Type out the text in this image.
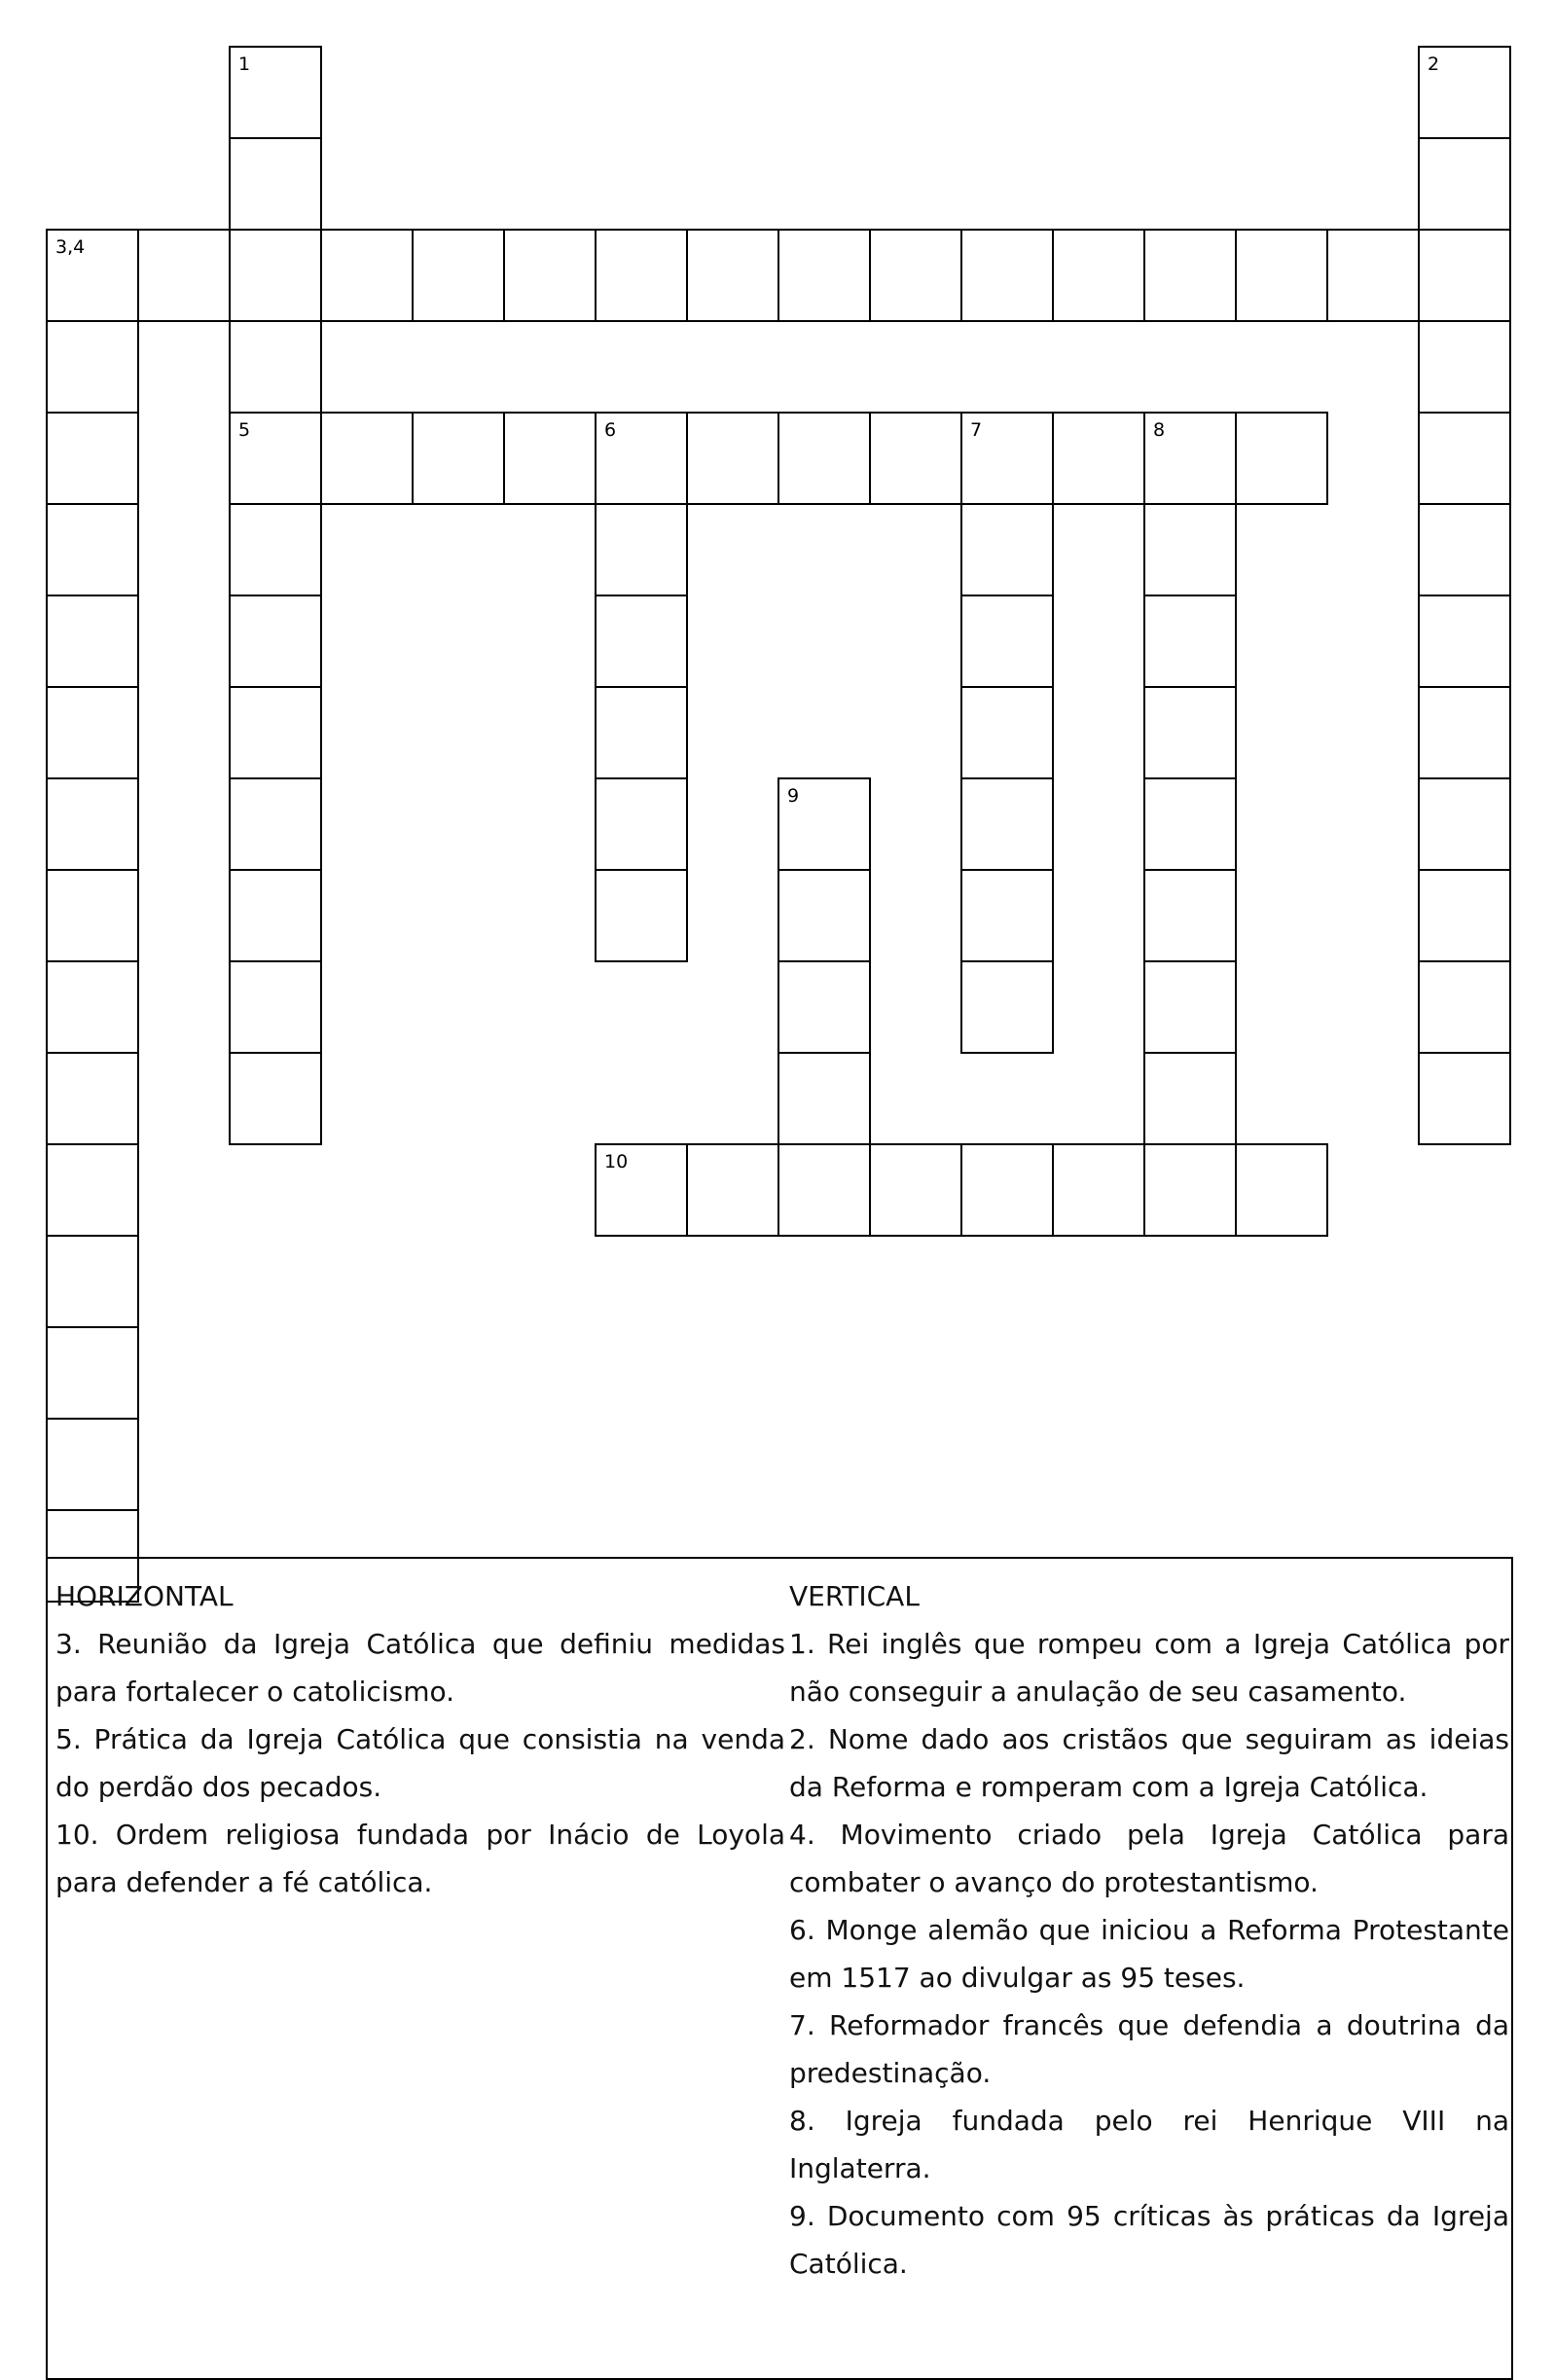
1
5
2
3,4
6	7	8
9
10

HORIZONTAL

3. Reunião da Igreja Católica que definiu medidas para fortalecer o catolicismo.

5. Prática da Igreja Católica que consistia na venda do perdão dos pecados.

10. Ordem religiosa fundada por Inácio de Loyola para defender a fé católica.

VERTICAL

1. Rei inglês que rompeu com a Igreja Católica por não conseguir a anulação de seu casamento.

2. Nome dado aos cristãos que seguiram as ideias da Reforma e romperam com a Igreja Católica.

4. Movimento criado pela Igreja Católica para combater o avanço do protestantismo.

6. Monge alemão que iniciou a Reforma Protestante em 1517 ao divulgar as 95 teses.

7. Reformador francês que defendia a doutrina da predestinação.

8. Igreja fundada pelo rei Henrique VIII na Inglaterra.

9. Documento com 95 críticas às práticas da Igreja Católica.
